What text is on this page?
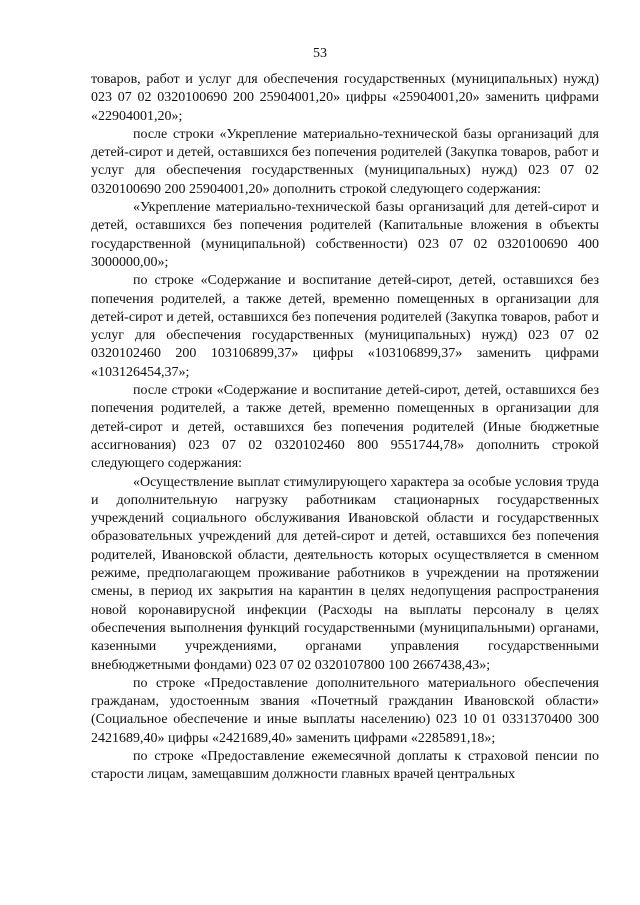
53

товаров, работ и услуг для обеспечения государственных (муниципальных) нужд) 023 07 02 0320100690 200 25904001,20» цифры «25904001,20» заменить цифрами «22904001,20»;

после строки «Укрепление материально-технической базы организаций для детей-сирот и детей, оставшихся без попечения родителей (Закупка товаров, работ и услуг для обеспечения государственных (муниципальных) нужд) 023 07 02 0320100690 200 25904001,20» дополнить строкой следующего содержания:

«Укрепление материально-технической базы организаций для детей-сирот и детей, оставшихся без попечения родителей (Капитальные вложения в объекты государственной (муниципальной) собственности) 023 07 02 0320100690 400 3000000,00»;

по строке «Содержание и воспитание детей-сирот, детей, оставшихся без попечения родителей, а также детей, временно помещенных в организации для детей-сирот и детей, оставшихся без попечения родителей (Закупка товаров, работ и услуг для обеспечения государственных (муниципальных) нужд) 023 07 02 0320102460 200 103106899,37» цифры «103106899,37» заменить цифрами «103126454,37»;

после строки «Содержание и воспитание детей-сирот, детей, оставшихся без попечения родителей, а также детей, временно помещенных в организации для детей-сирот и детей, оставшихся без попечения родителей (Иные бюджетные ассигнования) 023 07 02 0320102460 800 9551744,78» дополнить строкой следующего содержания:

«Осуществление выплат стимулирующего характера за особые условия труда и дополнительную нагрузку работникам стационарных государственных учреждений социального обслуживания Ивановской области и государственных образовательных учреждений для детей-сирот и детей, оставшихся без попечения родителей, Ивановской области, деятельность которых осуществляется в сменном режиме, предполагающем проживание работников в учреждении на протяжении смены, в период их закрытия на карантин в целях недопущения распространения новой коронавирусной инфекции (Расходы на выплаты персоналу в целях обеспечения выполнения функций государственными (муниципальными) органами, казенными учреждениями, органами управления государственными внебюджетными фондами) 023 07 02 0320107800 100 2667438,43»;

по строке «Предоставление дополнительного материального обеспечения гражданам, удостоенным звания «Почетный гражданин Ивановской области» (Социальное обеспечение и иные выплаты населению) 023 10 01 0331370400 300 2421689,40» цифры «2421689,40» заменить цифрами «2285891,18»;

по строке «Предоставление ежемесячной доплаты к страховой пенсии по старости лицам, замещавшим должности главных врачей центральных
